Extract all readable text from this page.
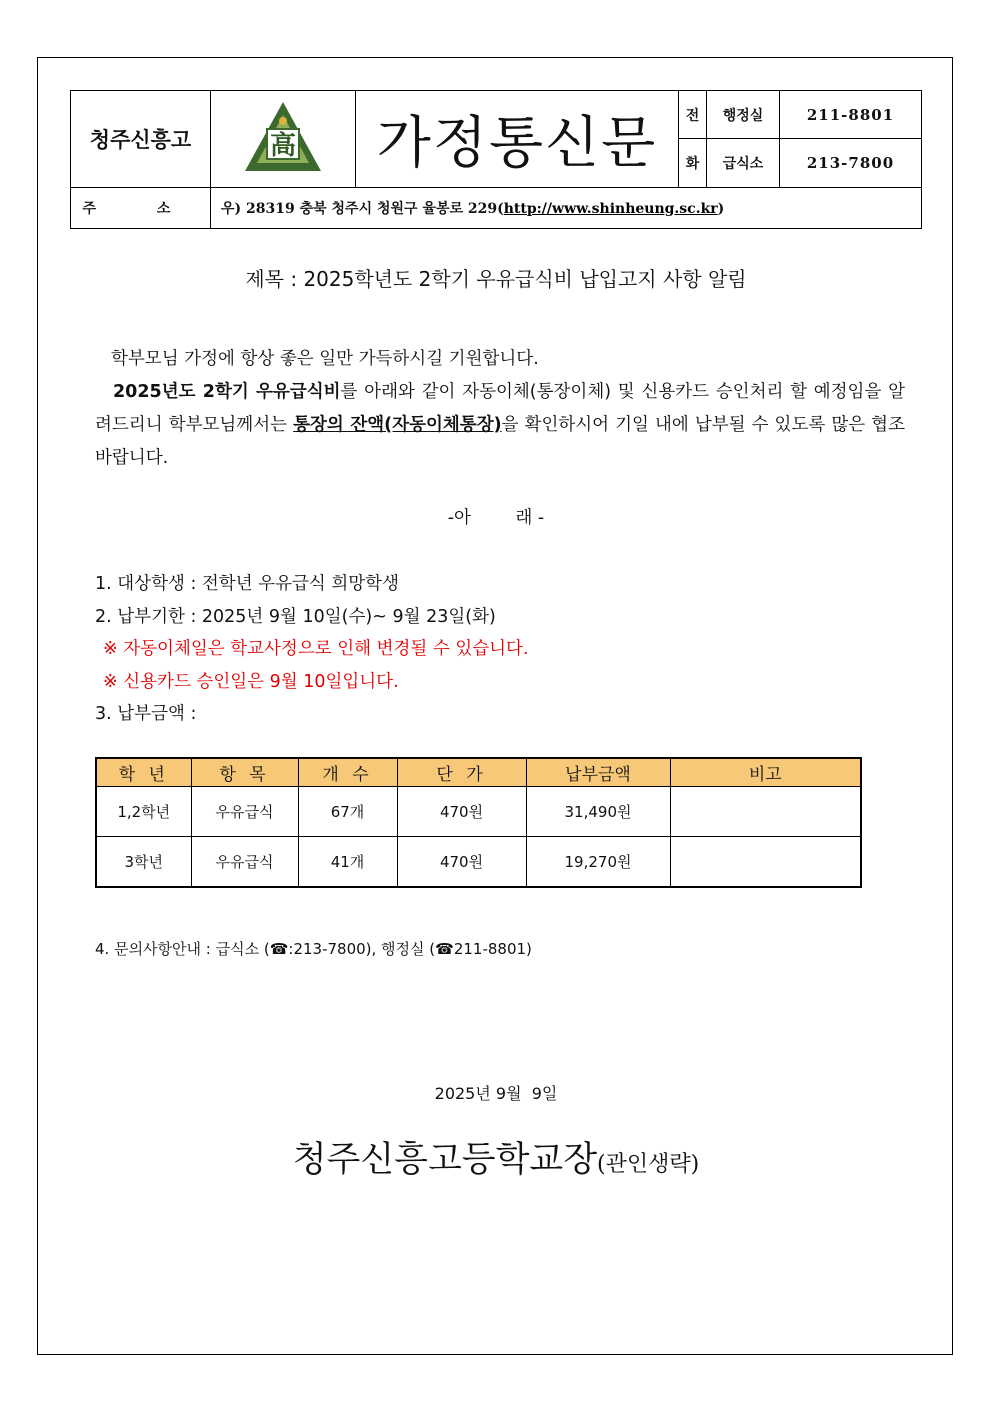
청주신흥고	高	가정통신문	전	행정실	211-8801
			화	급식소	213-7800
주 소	우) 28319 충북 청주시 청원구 율봉로 229(http://www.shinheung.sc.kr)				
제목 : 2025학년도 2학기 우유급식비 납입고지 사항 알림
학부모님 가정에 항상 좋은 일만 가득하시길 기원합니다.
2025년도 2학기 우유급식비를 아래와 같이 자동이체(통장이체) 및 신용카드 승인처리 할 예정임을 알려드리니 학부모님께서는 통장의 잔액(자동이체통장)을 확인하시어 기일 내에 납부될 수 있도록 많은 협조 바랍니다.
-아        래 -
1. 대상학생 : 전학년 우유급식 희망학생
2. 납부기한 : 2025년 9월 10일(수)~ 9월 23일(화)
※ 자동이체일은 학교사정으로 인해 변경될 수 있습니다.
※ 신용카드 승인일은 9월 10일입니다.
3. 납부금액 :
학 년	항 목	개 수	단 가	납부금액	비고
1,2학년	우유급식	67개	470원	31,490원	
3학년	우유급식	41개	470원	19,270원	
4. 문의사항안내 : 급식소 (☎:213-7800), 행정실 (☎211-8801)
2025년 9월  9일
청주신흥고등학교장(관인생략)
